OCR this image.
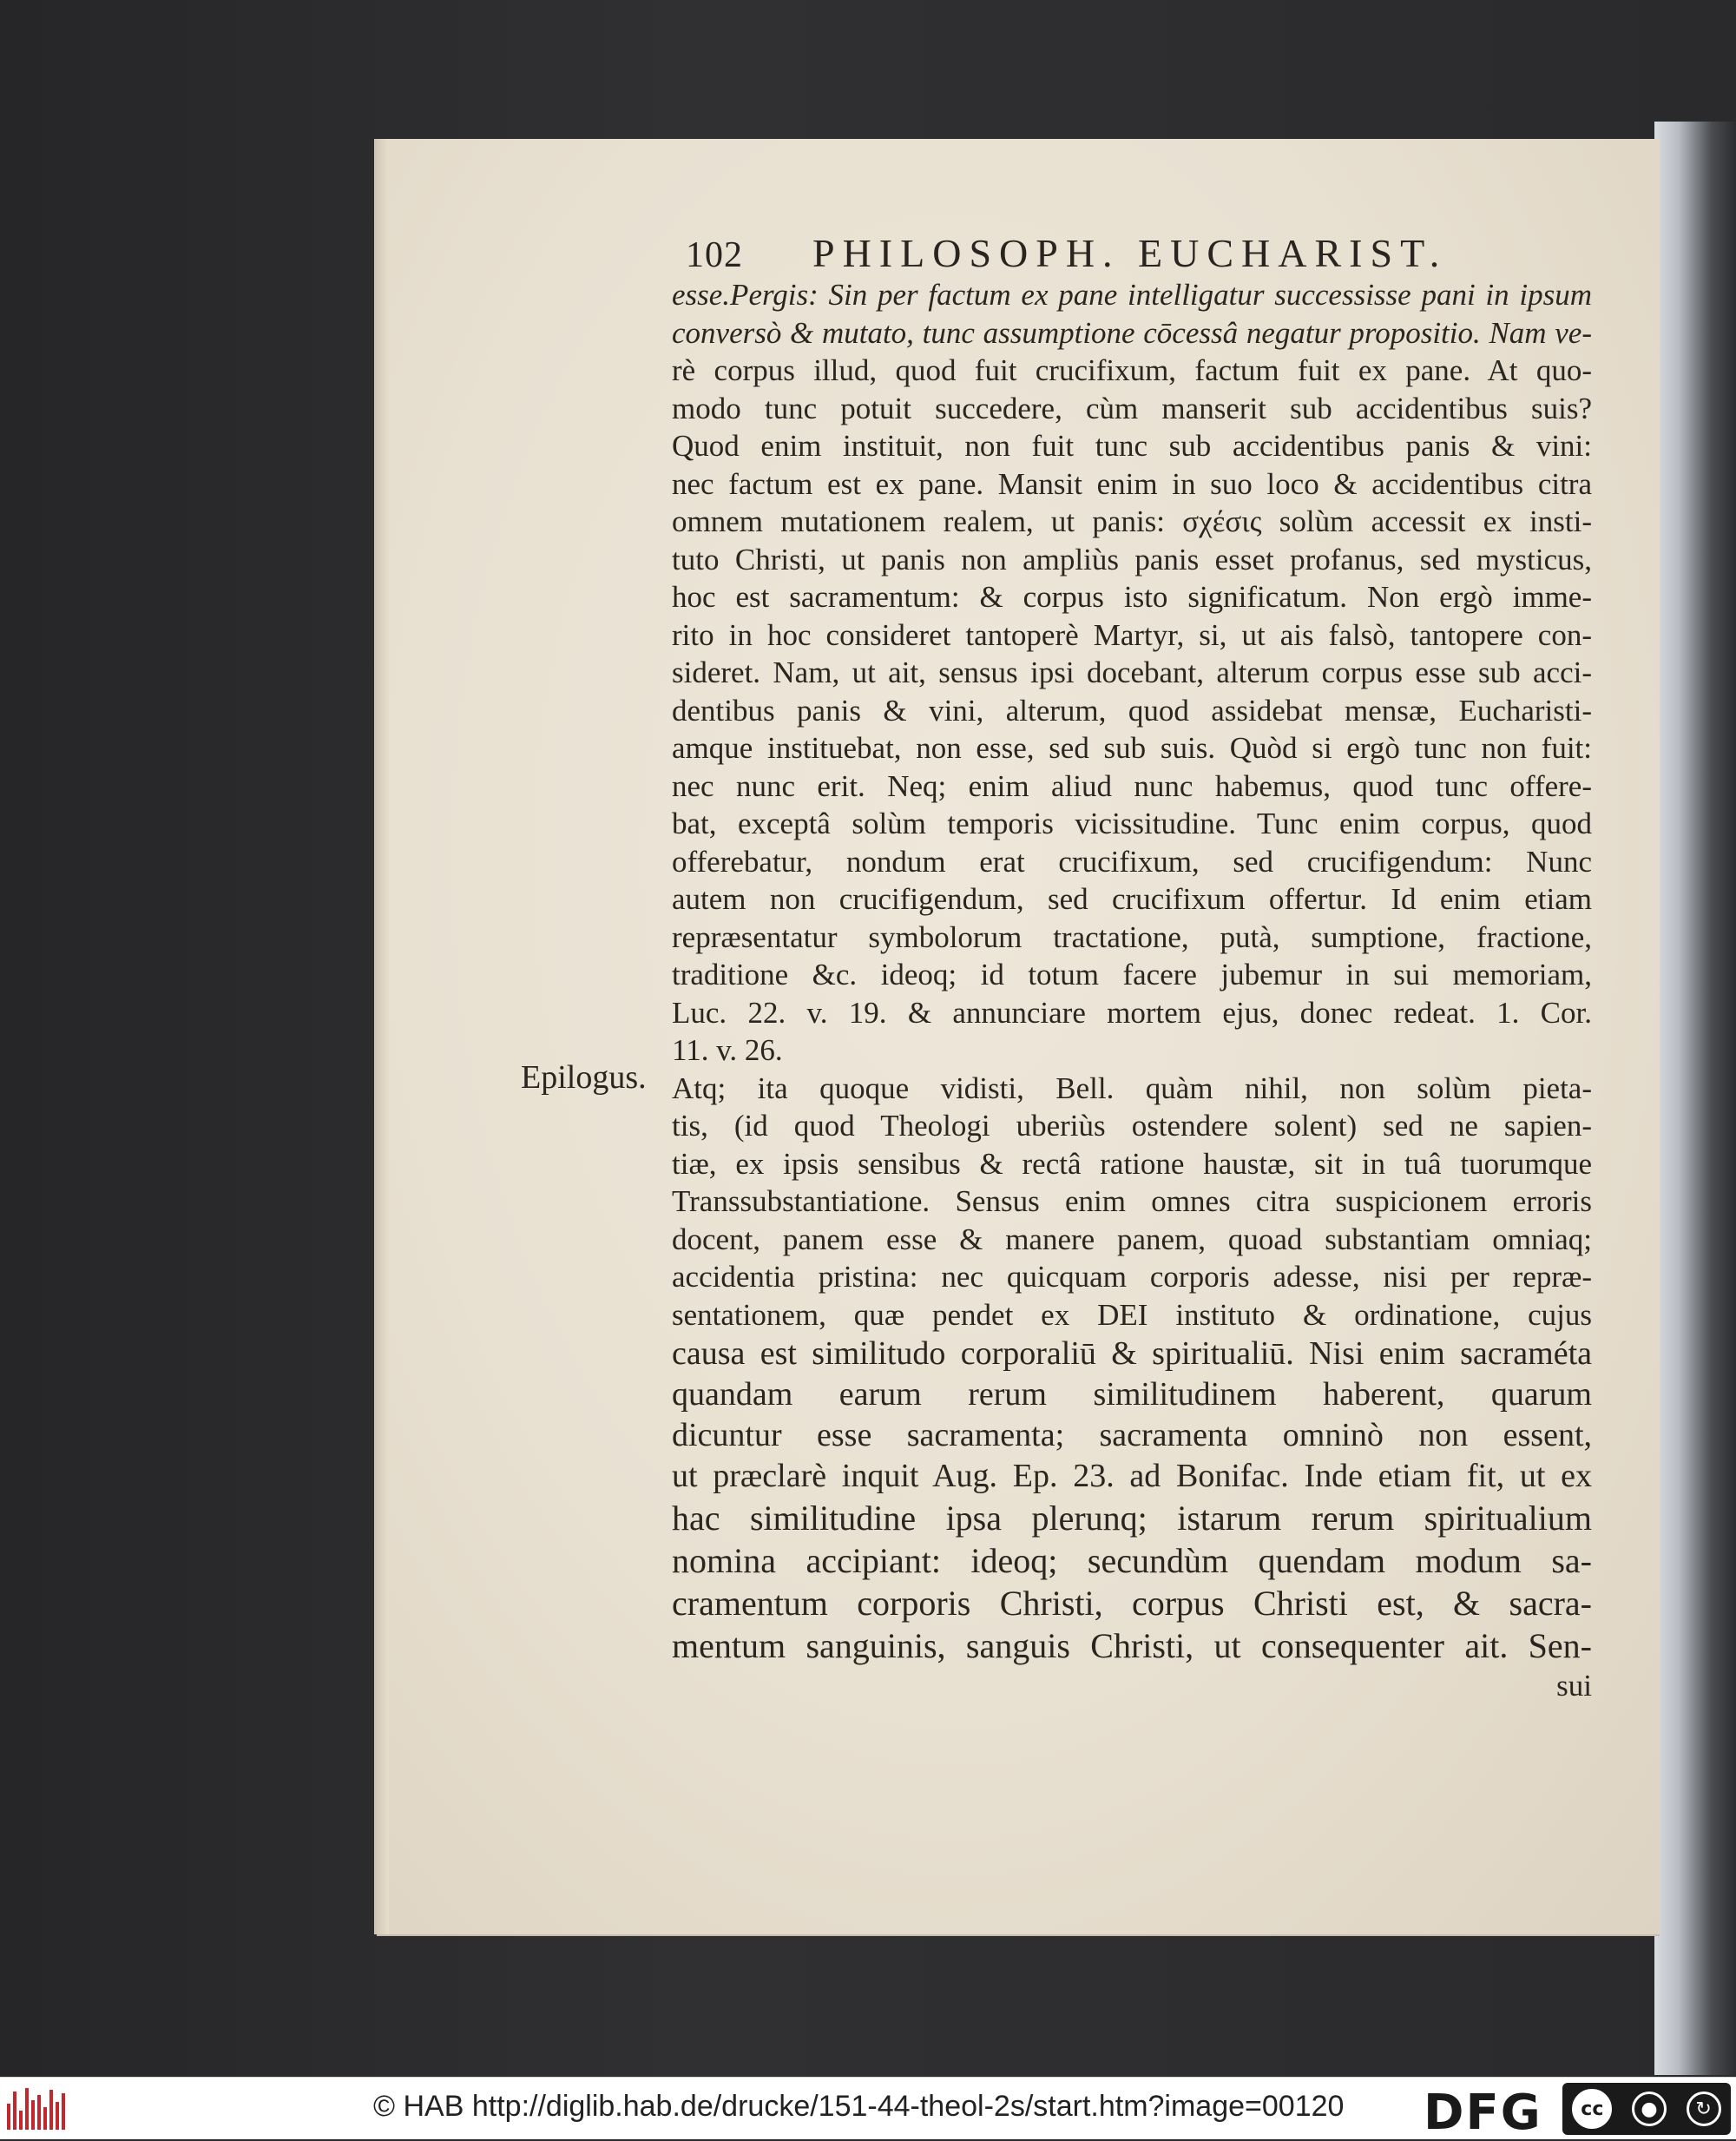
102 PHILOSOPH. EUCHARIST.
Epilogus.
esse.Pergis: Sin per factum ex pane intelligatur successisse pani in ipsum
conversò & mutato, tunc assumptione cōcessâ negatur propositio. Nam ve-
rè corpus illud, quod fuit crucifixum, factum fuit ex pane. At quo-
modo tunc potuit succedere, cùm manserit sub accidentibus suis?
Quod enim instituit, non fuit tunc sub accidentibus panis & vini:
nec factum est ex pane. Mansit enim in suo loco & accidentibus citra
omnem mutationem realem, ut panis: σχέσις solùm accessit ex insti-
tuto Christi, ut panis non ampliùs panis esset profanus, sed mysticus,
hoc est sacramentum: & corpus isto significatum. Non ergò imme-
rito in hoc consideret tantoperè Martyr, si, ut ais falsò, tantopere con-
sideret. Nam, ut ait, sensus ipsi docebant, alterum corpus esse sub acci-
dentibus panis & vini, alterum, quod assidebat mensæ, Eucharisti-
amque instituebat, non esse, sed sub suis. Quòd si ergò tunc non fuit:
nec nunc erit. Neq; enim aliud nunc habemus, quod tunc offere-
bat, exceptâ solùm temporis vicissitudine. Tunc enim corpus, quod
offerebatur, nondum erat crucifixum, sed crucifigendum: Nunc
autem non crucifigendum, sed crucifixum offertur. Id enim etiam
repræsentatur symbolorum tractatione, putà, sumptione, fractione,
traditione &c. ideoq; id totum facere jubemur in sui memoriam,
Luc. 22. v. 19. & annunciare mortem ejus, donec redeat. 1. Cor.
11. v. 26.
Atq; ita quoque vidisti, Bell. quàm nihil, non solùm pieta-
tis, (id quod Theologi uberiùs ostendere solent) sed ne sapien-
tiæ, ex ipsis sensibus & rectâ ratione haustæ, sit in tuâ tuorumque
Transsubstantiatione. Sensus enim omnes citra suspicionem erroris
docent, panem esse & manere panem, quoad substantiam omniaq;
accidentia pristina: nec quicquam corporis adesse, nisi per repræ-
sentationem, quæ pendet ex DEI instituto & ordinatione, cujus
causa est similitudo corporaliū & spiritualiū. Nisi enim sacraméta
quandam earum rerum similitudinem haberent, quarum
dicuntur esse sacramenta; sacramenta omninò non essent,
ut præclarè inquit Aug. Ep. 23. ad Bonifac. Inde etiam fit, ut ex
hac similitudine ipsa plerunq; istarum rerum spiritualium
nomina accipiant: ideoq; secundùm quendam modum sa-
cramentum corporis Christi, corpus Christi est, & sacra-
mentum sanguinis, sanguis Christi, ut consequenter ait. Sen-
sui
© HAB http://diglib.hab.de/drucke/151-44-theol-2s/start.htm?image=00120 DFG	cc	●	↻
